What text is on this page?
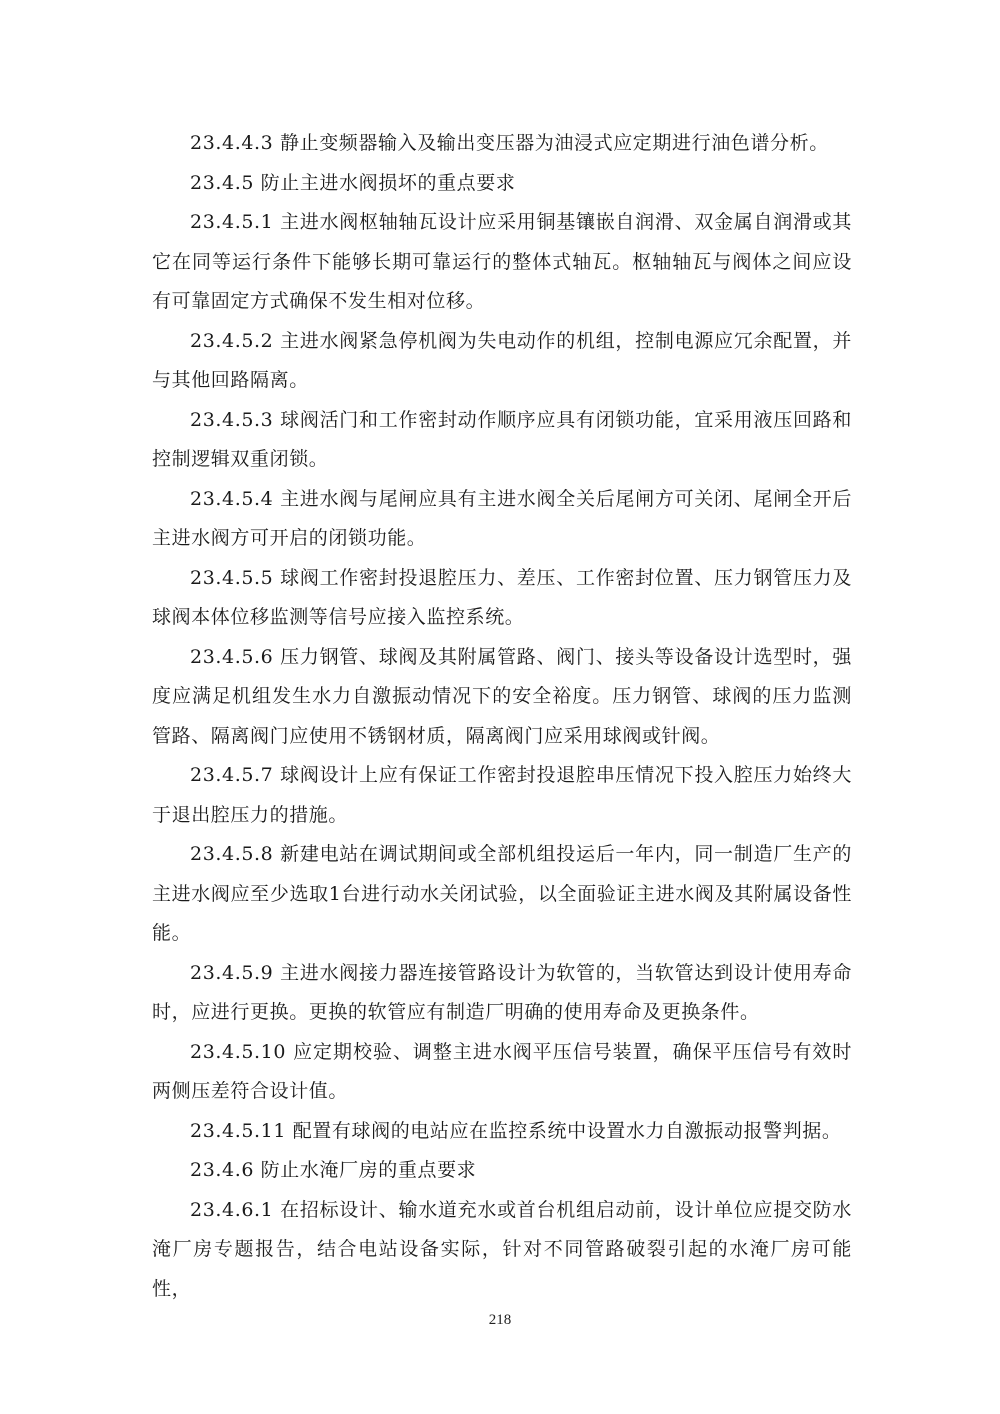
23.4.4.3 静止变频器输入及输出变压器为油浸式应定期进行油色谱分析。

23.4.5 防止主进水阀损坏的重点要求

23.4.5.1 主进水阀枢轴轴瓦设计应采用铜基镶嵌自润滑、双金属自润滑或其它在同等运行条件下能够长期可靠运行的整体式轴瓦。枢轴轴瓦与阀体之间应设有可靠固定方式确保不发生相对位移。

23.4.5.2 主进水阀紧急停机阀为失电动作的机组，控制电源应冗余配置，并与其他回路隔离。

23.4.5.3 球阀活门和工作密封动作顺序应具有闭锁功能，宜采用液压回路和控制逻辑双重闭锁。

23.4.5.4 主进水阀与尾闸应具有主进水阀全关后尾闸方可关闭、尾闸全开后主进水阀方可开启的闭锁功能。

23.4.5.5 球阀工作密封投退腔压力、差压、工作密封位置、压力钢管压力及球阀本体位移监测等信号应接入监控系统。

23.4.5.6 压力钢管、球阀及其附属管路、阀门、接头等设备设计选型时，强度应满足机组发生水力自激振动情况下的安全裕度。压力钢管、球阀的压力监测管路、隔离阀门应使用不锈钢材质，隔离阀门应采用球阀或针阀。

23.4.5.7 球阀设计上应有保证工作密封投退腔串压情况下投入腔压力始终大于退出腔压力的措施。

23.4.5.8 新建电站在调试期间或全部机组投运后一年内，同一制造厂生产的主进水阀应至少选取1台进行动水关闭试验，以全面验证主进水阀及其附属设备性能。

23.4.5.9 主进水阀接力器连接管路设计为软管的，当软管达到设计使用寿命时，应进行更换。更换的软管应有制造厂明确的使用寿命及更换条件。

23.4.5.10 应定期校验、调整主进水阀平压信号装置，确保平压信号有效时两侧压差符合设计值。

23.4.5.11 配置有球阀的电站应在监控系统中设置水力自激振动报警判据。

23.4.6 防止水淹厂房的重点要求

23.4.6.1 在招标设计、输水道充水或首台机组启动前，设计单位应提交防水淹厂房专题报告，结合电站设备实际，针对不同管路破裂引起的水淹厂房可能性，

218
